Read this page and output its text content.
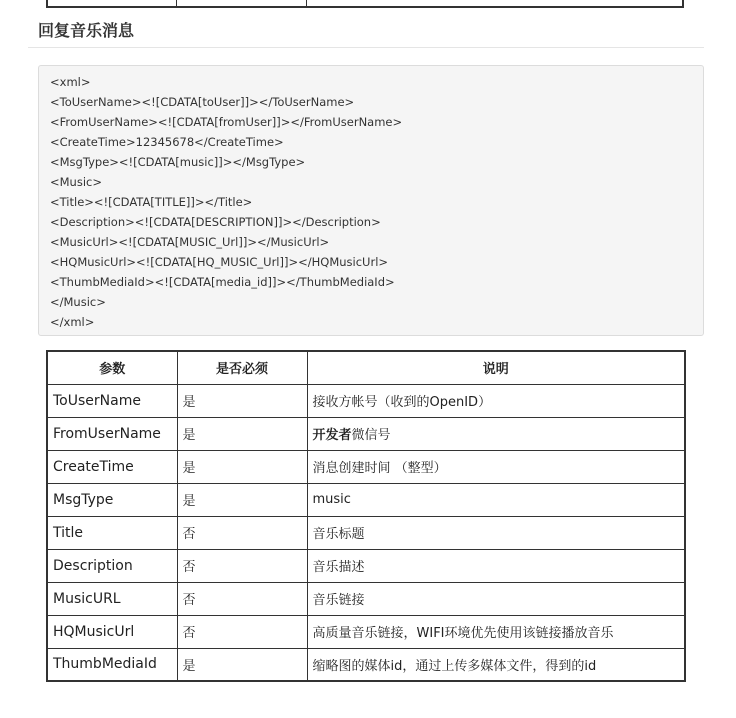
回复音乐消息
<xml>
<ToUserName><![CDATA[toUser]]></ToUserName>
<FromUserName><![CDATA[fromUser]]></FromUserName>
<CreateTime>12345678</CreateTime>
<MsgType><![CDATA[music]]></MsgType>
<Music>
<Title><![CDATA[TITLE]]></Title>
<Description><![CDATA[DESCRIPTION]]></Description>
<MusicUrl><![CDATA[MUSIC_Url]]></MusicUrl>
<HQMusicUrl><![CDATA[HQ_MUSIC_Url]]></HQMusicUrl>
<ThumbMediaId><![CDATA[media_id]]></ThumbMediaId>
</Music>
</xml>
参数	是否必须	说明
ToUserName	是	接收方帐号（收到的OpenID）
FromUserName	是	开发者微信号
CreateTime	是	消息创建时间 （整型）
MsgType	是	music
Title	否	音乐标题
Description	否	音乐描述
MusicURL	否	音乐链接
HQMusicUrl	否	高质量音乐链接，WIFI环境优先使用该链接播放音乐
ThumbMediaId	是	缩略图的媒体id，通过上传多媒体文件，得到的id
